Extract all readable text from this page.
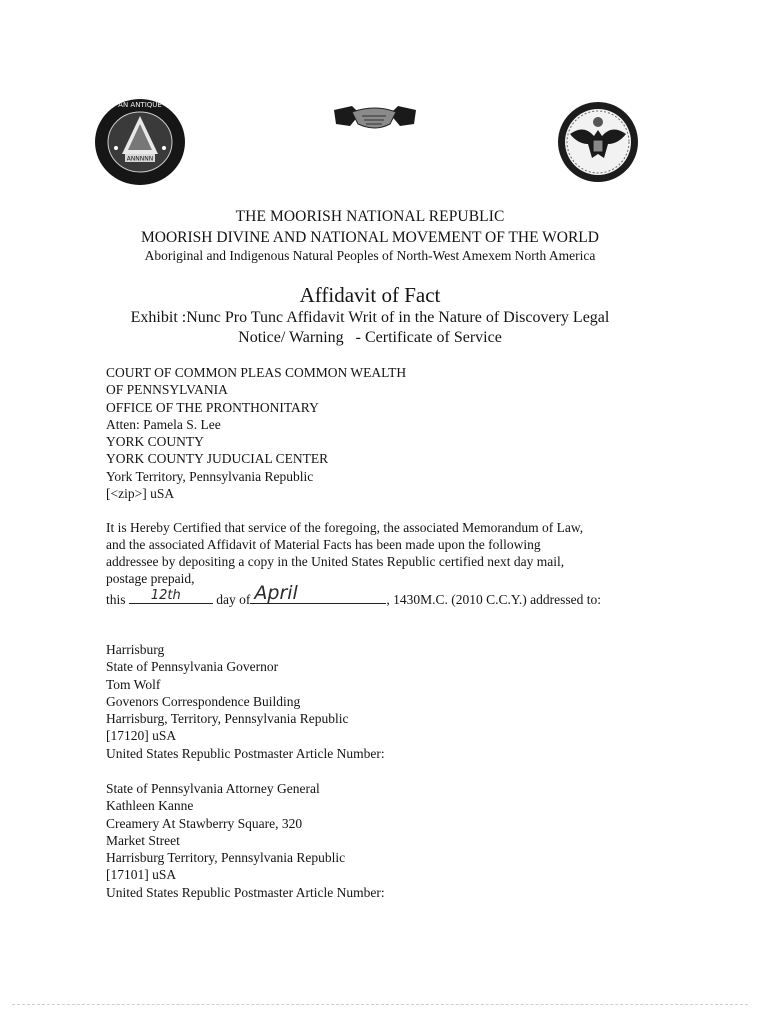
ANNNNN
AN ANTIQUE
THE MOORISH NATIONAL REPUBLIC
MOORISH DIVINE AND NATIONAL MOVEMENT OF THE WORLD
Aboriginal and Indigenous Natural Peoples of North-West Amexem North America
Affidavit of Fact
Exhibit :Nunc Pro Tunc Affidavit Writ of in the Nature of Discovery Legal
Notice/ Warning   - Certificate of Service
COURT OF COMMON PLEAS COMMON WEALTH
OF PENNSYLVANIA
OFFICE OF THE PRONTHONITARY
Atten: Pamela S. Lee
YORK COUNTY
YORK COUNTY JUDUCIAL CENTER
York Territory, Pennsylvania Republic
[<zip>] uSA
It is Hereby Certified that service of the foregoing, the associated Memorandum of Law,
and the associated Affidavit of Material Facts has been made upon the following
addressee by depositing a copy in the United States Republic certified next day mail,
postage prepaid,
this 12th	day of April	, 1430M.C. (2010 C.C.Y.) addressed to:
Harrisburg
State of Pennsylvania Governor
Tom Wolf
Govenors Correspondence Building
Harrisburg, Territory, Pennsylvania Republic
[17120] uSA
United States Republic Postmaster Article Number:
State of Pennsylvania Attorney General
Kathleen Kanne
Creamery At Stawberry Square, 320
Market Street
Harrisburg Territory, Pennsylvania Republic
[17101] uSA
United States Republic Postmaster Article Number:
